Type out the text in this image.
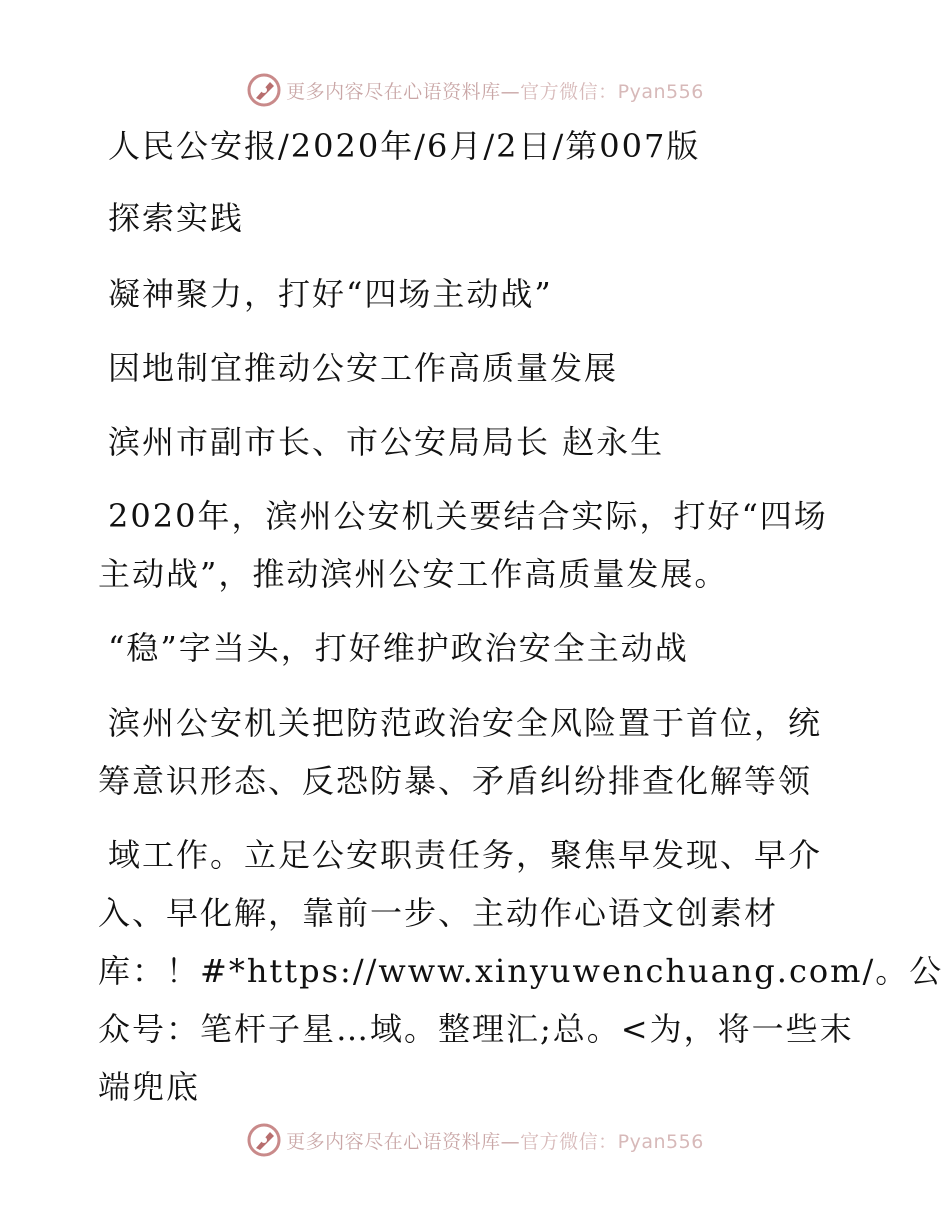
更多内容尽在心语资料库—官方微信：Pyan556
人民公安报/2020年/6月/2日/第007版
探索实践
凝神聚力，打好“四场主动战”
因地制宜推动公安工作高质量发展
滨州市副市长、市公安局局长 赵永生
2020年，滨州公安机关要结合实际，打好“四场
主动战”，推动滨州公安工作高质量发展。
“稳”字当头，打好维护政治安全主动战
滨州公安机关把防范政治安全风险置于首位，统
筹意识形态、反恐防暴、矛盾纠纷排查化解等领
域工作。立足公安职责任务，聚焦早发现、早介
入、早化解，靠前一步、主动作心语文创素材
库：！#*https://www.xinyuwenchuang.com/。公
众号：笔杆子星…域。整理汇;总。<为，将一些末
端兜底
更多内容尽在心语资料库—官方微信：Pyan556
